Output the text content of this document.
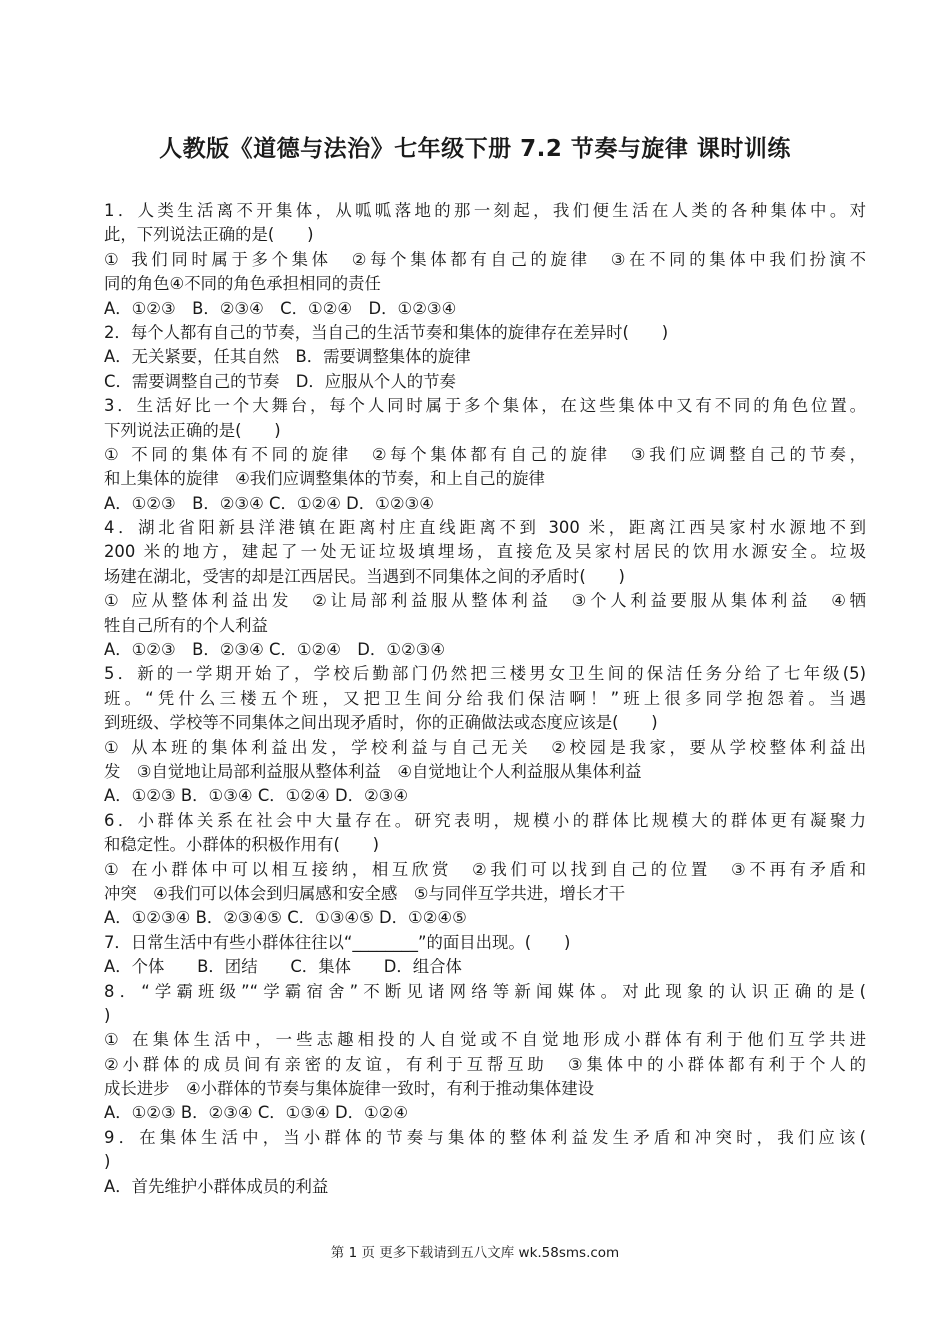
人教版《道德与法治》七年级下册 7.2 节奏与旋律 课时训练
1．人类生活离不开集体，从呱呱落地的那一刻起，我们便生活在人类的各种集体中。对
此，下列说法正确的是(　　)
① 我们同时属于多个集体　②每个集体都有自己的旋律　③在不同的集体中我们扮演不
同的角色④不同的角色承担相同的责任
A．①②③　B．②③④　C．①②④　D．①②③④
2．每个人都有自己的节奏，当自己的生活节奏和集体的旋律存在差异时(　　)
A．无关紧要，任其自然　B．需要调整集体的旋律
C．需要调整自己的节奏　D．应服从个人的节奏
3．生活好比一个大舞台，每个人同时属于多个集体，在这些集体中又有不同的角色位置。
下列说法正确的是(　　)
① 不同的集体有不同的旋律　②每个集体都有自己的旋律　③我们应调整自己的节奏，
和上集体的旋律　④我们应调整集体的节奏，和上自己的旋律
A．①②③　B．②③④ C．①②④ D．①②③④
4．湖北省阳新县洋港镇在距离村庄直线距离不到 300 米，距离江西吴家村水源地不到
200 米的地方，建起了一处无证垃圾填埋场，直接危及吴家村居民的饮用水源安全。垃圾
场建在湖北，受害的却是江西居民。当遇到不同集体之间的矛盾时(　　)
① 应从整体利益出发　②让局部利益服从整体利益　③个人利益要服从集体利益　④牺
牲自己所有的个人利益
A．①②③　B．②③④ C．①②④　D．①②③④
5．新的一学期开始了，学校后勤部门仍然把三楼男女卫生间的保洁任务分给了七年级(5)
班。“凭什么三楼五个班，又把卫生间分给我们保洁啊！”班上很多同学抱怨着。当遇
到班级、学校等不同集体之间出现矛盾时，你的正确做法或态度应该是(　　)
① 从本班的集体利益出发，学校利益与自己无关　②校园是我家，要从学校整体利益出
发　③自觉地让局部利益服从整体利益　④自觉地让个人利益服从集体利益
A．①②③ B．①③④ C．①②④ D．②③④
6．小群体关系在社会中大量存在。研究表明，规模小的群体比规模大的群体更有凝聚力
和稳定性。小群体的积极作用有(　　)
① 在小群体中可以相互接纳，相互欣赏　②我们可以找到自己的位置　③不再有矛盾和
冲突　④我们可以体会到归属感和安全感　⑤与同伴互学共进，增长才干
A．①②③④ B．②③④⑤ C．①③④⑤ D．①②④⑤
7．日常生活中有些小群体往往以“________”的面目出现。(　　)
A．个体　　B．团结　　C．集体　　D．组合体
8．“学霸班级”“学霸宿舍”不断见诸网络等新闻媒体。对此现象的认识正确的是(
)
① 在集体生活中，一些志趣相投的人自觉或不自觉地形成小群体有利于他们互学共进
②小群体的成员间有亲密的友谊，有利于互帮互助　③集体中的小群体都有利于个人的
成长进步　④小群体的节奏与集体旋律一致时，有利于推动集体建设
A．①②③ B．②③④ C．①③④ D．①②④
9．在集体生活中，当小群体的节奏与集体的整体利益发生矛盾和冲突时，我们应该(
)
A．首先维护小群体成员的利益
第 1 页 更多下载请到五八文库 wk.58sms.com
